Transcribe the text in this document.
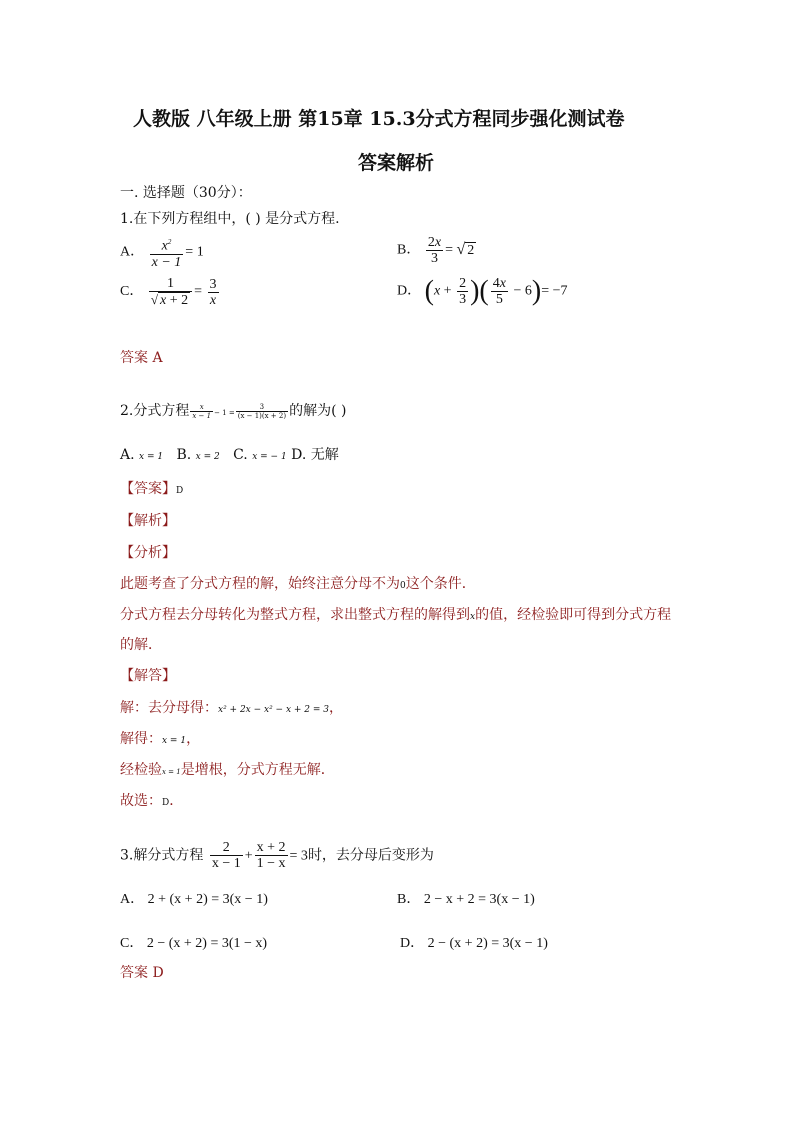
人教版 八年级上册 第15章 15.3分式方程同步强化测试卷
答案解析
一. 选择题（30分）：
1.在下列方程组中，( ) 是分式方程.
A． $\frac{x^2}{x - 1} = 1$	B． $\frac{2x}{3}$ = √ 2
C． $\frac{1}{√ x + 2} = \frac{3}{x}$	D． ($x + \frac{2}{3}$ )( $\frac{4x}{5} - 6)= -7$
答案 A
2.分式方程 $\frac{x}{x - 1} - 1 = \frac{3}{(x - 1)(x + 2)}$ 的解为( )
A. x = 1 B. x = 2 C. x = − 1 D. 无解
【答案】D
【解析】
【分析】
此题考查了分式方程的解，始终注意分母不为0这个条件．
分式方程去分母转化为整式方程，求出整式方程的解得到x的值，经检验即可得到分式方程
的解．
【解答】
解：去分母得：x² + 2x − x² − x + 2 = 3，
解得：x = 1，
经检验x = 1是增根，分式方程无解．
故选：D．
3.解分式方程 $\frac{2}{x - 1} + \frac{x + 2}{1 - x} = 3$时，去分母后变形为
A． 2 + (x + 2) = 3(x − 1)	B． 2 − x + 2 = 3(x − 1)
C． 2 − (x + 2) = 3(1 − x)	D． 2 − (x + 2) = 3(x − 1)
答案 D
